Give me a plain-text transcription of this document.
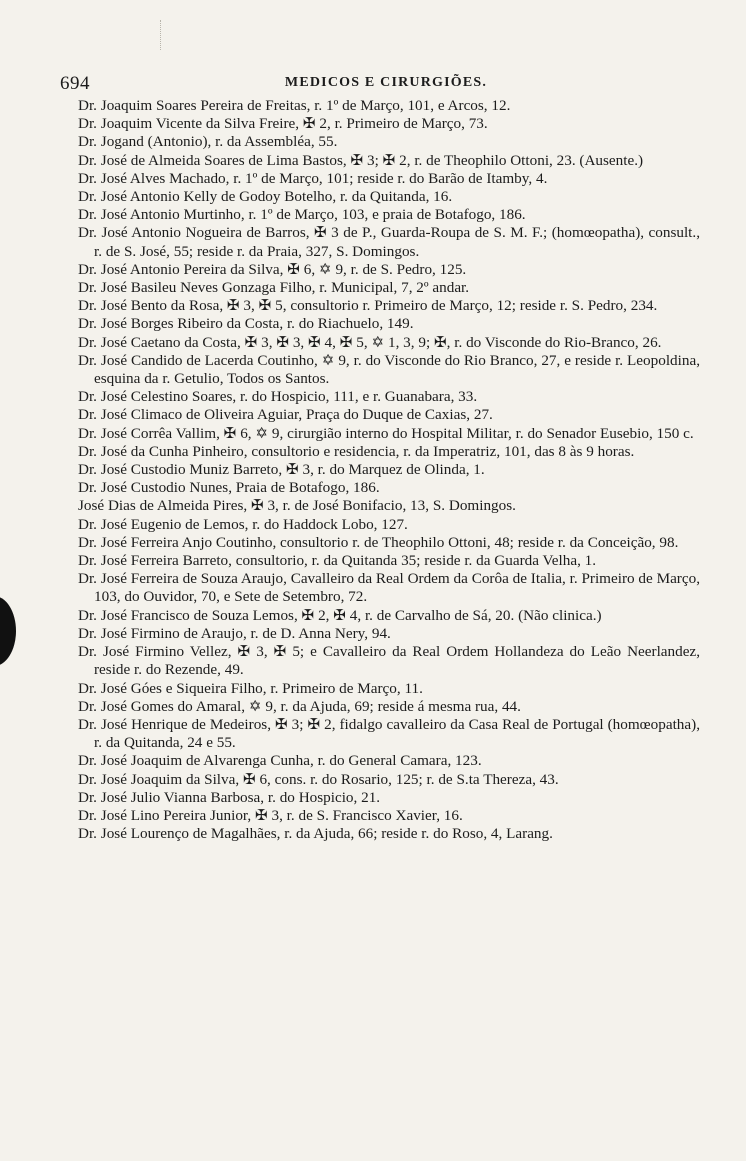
694	MEDICOS E CIRURGIÕES.
Dr. Joaquim Soares Pereira de Freitas, r. 1º de Março, 101, e Arcos, 12.
Dr. Joaquim Vicente da Silva Freire, ✠ 2, r. Primeiro de Março, 73.
Dr. Jogand (Antonio), r. da Assembléa, 55.
Dr. José de Almeida Soares de Lima Bastos, ✠ 3; ✠ 2, r. de Theophilo Ottoni, 23. (Ausente.)
Dr. José Alves Machado, r. 1º de Março, 101; reside r. do Barão de Itamby, 4.
Dr. José Antonio Kelly de Godoy Botelho, r. da Quitanda, 16.
Dr. José Antonio Murtinho, r. 1º de Março, 103, e praia de Botafogo, 186.
Dr. José Antonio Nogueira de Barros, ✠ 3 de P., Guarda-Roupa de S. M. F.; (homœopatha), consult., r. de S. José, 55; reside r. da Praia, 327, S. Domingos.
Dr. José Antonio Pereira da Silva, ✠ 6, ✡ 9, r. de S. Pedro, 125.
Dr. José Basileu Neves Gonzaga Filho, r. Municipal, 7, 2º andar.
Dr. José Bento da Rosa, ✠ 3, ✠ 5, consultorio r. Primeiro de Março, 12; reside r. S. Pedro, 234.
Dr. José Borges Ribeiro da Costa, r. do Riachuelo, 149.
Dr. José Caetano da Costa, ✠ 3, ✠ 3, ✠ 4, ✠ 5, ✡ 1, 3, 9; ✠, r. do Visconde do Rio-Branco, 26.
Dr. José Candido de Lacerda Coutinho, ✡ 9, r. do Visconde do Rio Branco, 27, e reside r. Leopoldina, esquina da r. Getulio, Todos os Santos.
Dr. José Celestino Soares, r. do Hospicio, 111, e r. Guanabara, 33.
Dr. José Climaco de Oliveira Aguiar, Praça do Duque de Caxias, 27.
Dr. José Corrêa Vallim, ✠ 6, ✡ 9, cirurgião interno do Hospital Militar, r. do Senador Eusebio, 150 c.
Dr. José da Cunha Pinheiro, consultorio e residencia, r. da Imperatriz, 101, das 8 às 9 horas.
Dr. José Custodio Muniz Barreto, ✠ 3, r. do Marquez de Olinda, 1.
Dr. José Custodio Nunes, Praia de Botafogo, 186.
José Dias de Almeida Pires, ✠ 3, r. de José Bonifacio, 13, S. Domingos.
Dr. José Eugenio de Lemos, r. do Haddock Lobo, 127.
Dr. José Ferreira Anjo Coutinho, consultorio r. de Theophilo Ottoni, 48; reside r. da Conceição, 98.
Dr. José Ferreira Barreto, consultorio, r. da Quitanda 35; reside r. da Guarda Velha, 1.
Dr. José Ferreira de Souza Araujo, Cavalleiro da Real Ordem da Corôa de Italia, r. Primeiro de Março, 103, do Ouvidor, 70, e Sete de Setembro, 72.
Dr. José Francisco de Souza Lemos, ✠ 2, ✠ 4, r. de Carvalho de Sá, 20. (Não clinica.)
Dr. José Firmino de Araujo, r. de D. Anna Nery, 94.
Dr. José Firmino Vellez, ✠ 3, ✠ 5; e Cavalleiro da Real Ordem Hollandeza do Leão Neerlandez, reside r. do Rezende, 49.
Dr. José Góes e Siqueira Filho, r. Primeiro de Março, 11.
Dr. José Gomes do Amaral, ✡ 9, r. da Ajuda, 69; reside á mesma rua, 44.
Dr. José Henrique de Medeiros, ✠ 3; ✠ 2, fidalgo cavalleiro da Casa Real de Portugal (homœopatha), r. da Quitanda, 24 e 55.
Dr. José Joaquim de Alvarenga Cunha, r. do General Camara, 123.
Dr. José Joaquim da Silva, ✠ 6, cons. r. do Rosario, 125; r. de S.ta Thereza, 43.
Dr. José Julio Vianna Barbosa, r. do Hospicio, 21.
Dr. José Lino Pereira Junior, ✠ 3, r. de S. Francisco Xavier, 16.
Dr. José Lourenço de Magalhães, r. da Ajuda, 66; reside r. do Roso, 4, Larang.
